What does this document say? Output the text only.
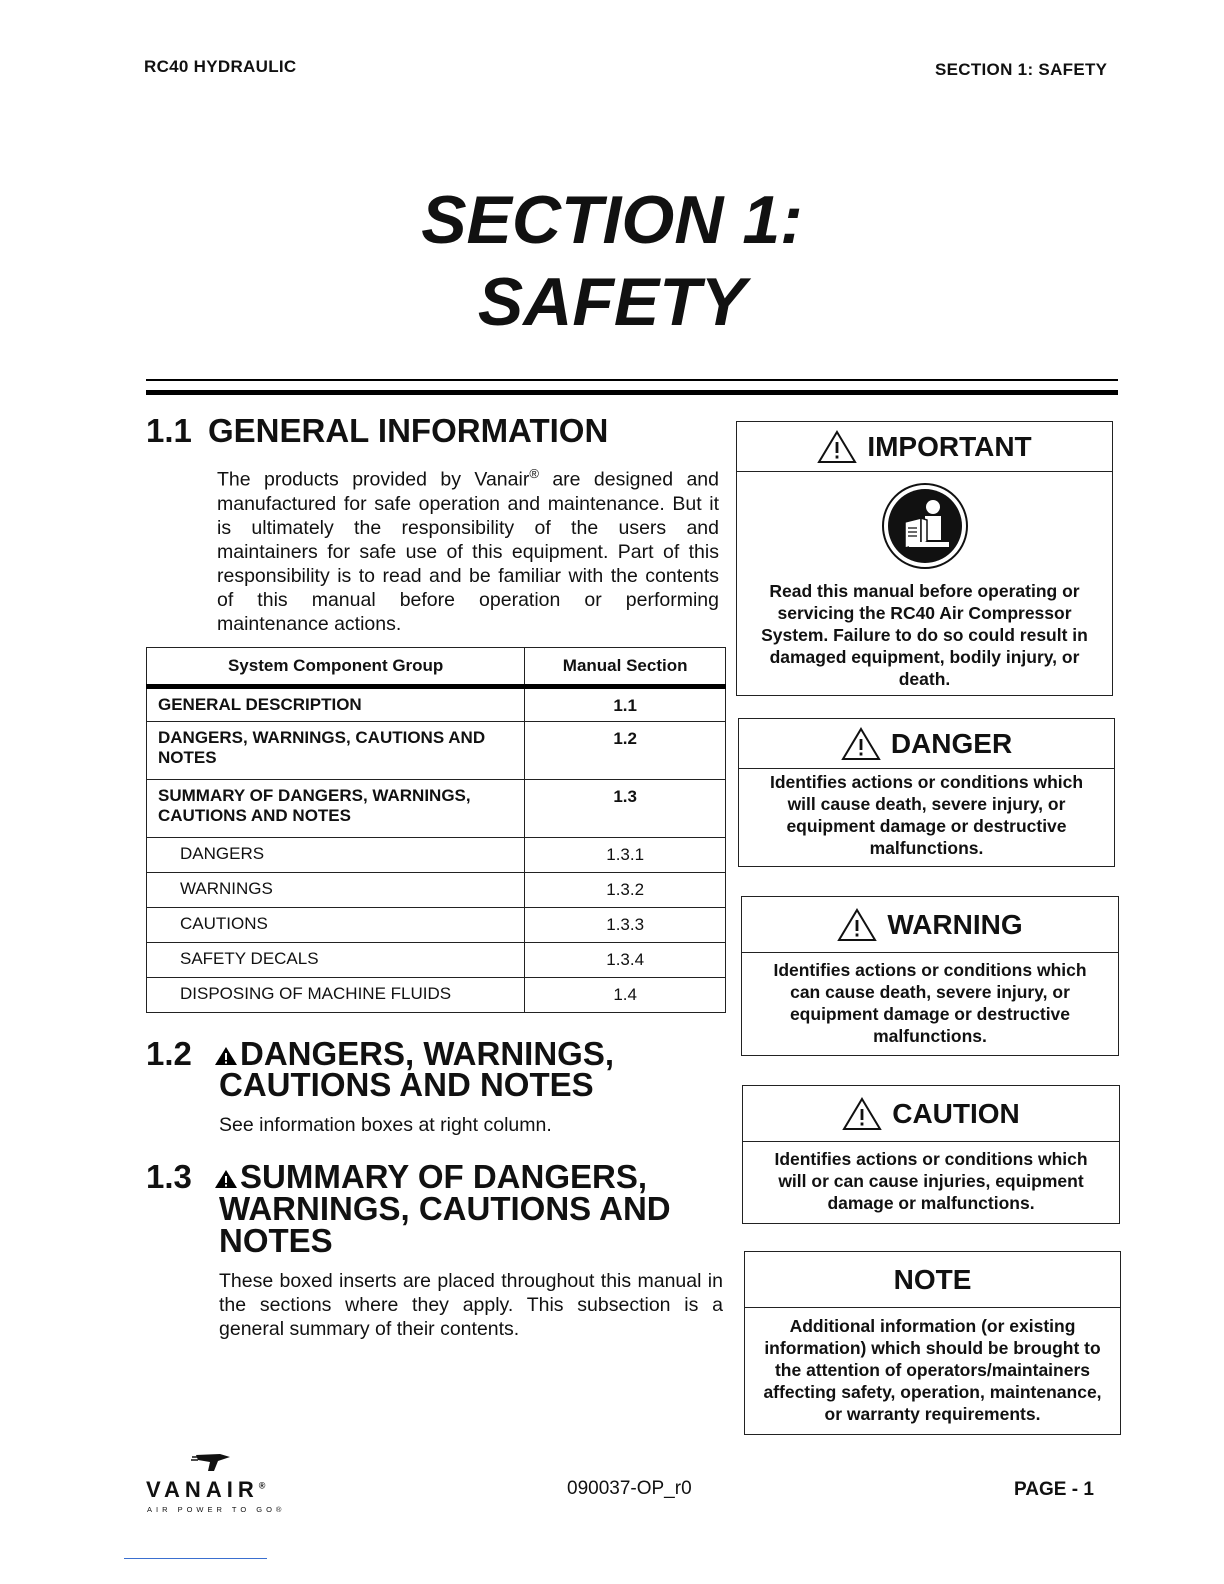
RC40 HYDRAULIC	SECTION 1: SAFETY
SECTION 1:
SAFETY
1.1 GENERAL INFORMATION
The products provided by Vanair® are designed and manufactured for safe operation and maintenance. But it is ultimately the responsibility of the users and maintainers for safe use of this equipment. Part of this responsibility is to read and be familiar with the contents of this manual before operation or performing maintenance actions.
System Component Group	Manual Section
GENERAL DESCRIPTION	1.1
DANGERS, WARNINGS, CAUTIONS AND NOTES	1.2
SUMMARY OF DANGERS, WARNINGS, CAUTIONS AND NOTES	1.3
DANGERS	1.3.1
WARNINGS	1.3.2
CAUTIONS	1.3.3
SAFETY DECALS	1.3.4
DISPOSING OF MACHINE FLUIDS	1.4
1.2 DANGERS, WARNINGS,
CAUTIONS AND NOTES
See information boxes at right column.
1.3 SUMMARY OF DANGERS,
WARNINGS, CAUTIONS AND
NOTES
These boxed inserts are placed throughout this manual in the sections where they apply. This subsection is a general summary of their contents.
IMPORTANT
Read this manual before operating or servicing the RC40 Air Compressor System. Failure to do so could result in damaged equipment, bodily injury, or death.
DANGER
Identifies actions or conditions which will cause death, severe injury, or equipment damage or destructive malfunctions.
WARNING
Identifies actions or conditions which can cause death, severe injury, or equipment damage or destructive malfunctions.
CAUTION
Identifies actions or conditions which will or can cause injuries, equipment damage or malfunctions.
NOTE
Additional information (or existing information) which should be brought to the attention of operators/maintainers affecting safety, operation, maintenance, or warranty requirements.
VANAIR®
AIR POWER TO GO®
090037-OP_r0	PAGE - 1
